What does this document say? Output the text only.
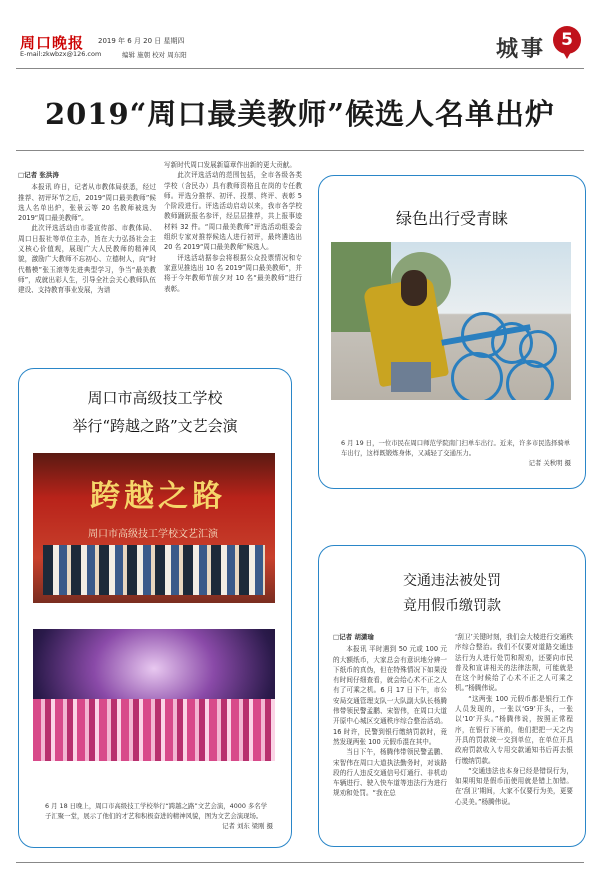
周口晚报 2019 年 6 月 20 日 星期四
E-mail:zkwbzx@126.com	编辑 施朝 校对 周东阳	城事 5
2019“周口最美教师”候选人名单出炉
□记者 张洪涛

本报讯 昨日，记者从市教体局获悉，经过推荐、初评环节之后，2019“周口最美教师”候选人名单出炉，张景云等 20 名教师被选为 2019“周口最美教师”。

此次评选活动由市委宣传部、市教体局、周口日报社等单位主办，旨在大力弘扬社会主义核心价值观，展现广大人民教师的精神风貌，激励广大教师不忘初心、立德树人，向“时代楷模”张玉滚等先进典型学习，争当“最美教师”，成就出彩人生，引导全社会关心教师队伍建设、支持教育事业发展，为谱

写新时代周口发展新篇章作出新的更大贡献。

此次评选活动的范围包括，全市各级各类学校（含民办）具有教师资格且在岗的专任教师。评选分推荐、初评、投票、终评、表彰 5 个阶段进行。评选活动启动以来，我市各学校教师踊跃报名参评，经层层推荐，共上报事迹材料 32 件。“周口最美教师”评选活动组委会组织专家对推荐候选人进行初评，最终遴选出 20 名 2019“周口最美教师”候选人。

评选活动据参会将根据公众投票情况和专家意见推选出 10 名 2019“周口最美教师”，并将于今年教师节前夕对 10 名“最美教师”进行表彰。

绿色出行受青睐
6 月 19 日，一位市民在周口师范学院南门扫单车出行。近来，许多市民选择骑单车出行，这样既锻炼身体，又减轻了交通压力。
记者 关秋明 摄
周口市高级技工学校
举行“跨越之路”文艺会演
跨越之路
周口市高级技工学校文艺汇演
6 月 18 日晚上，周口市高级技工学校举行“跨越之路”文艺会演，4000 多名学子汇聚一堂，展示了他们的才艺和积极奋进的精神风貌，图为文艺会演现场。
记者 刘东 梁刚 摄
交通违法被处罚
竟用假币缴罚款
□记者 胡潇瑜

本报讯 平时遇到 50 元或 100 元的大额纸币，大家总会有意识地分辨一下纸币的真伪，但在特殊情况下如果没有时间仔细查看，就会给心术不正之人有了可乘之机。6 月 17 日下午，市公安局交通管理支队一大队副大队长杨腾伟带领民警孟鹏、宋智伟，在周口大道开原中心城区交通秩序综合整治活动。16 时许，民警到银行缴纳罚款时，竟然发现两张 100 元假币混在其中。

当日下午，杨腾伟带领民警孟鹏、宋智伟在周口大道执法勤务时，对该路段的行人违反交通信号灯通行、非机动车辆进行、驶入快车道等违法行为进行规劝和处罚。“我在总

‘刮卫’关键时刻，我们会大棱进行交通秩序综合整治。我们不仅要对道路交通违法行为人进行处罚和规劝，还要向市民普及和宣讲相关的法律法规，可能就是在这个时候给了心术不正之人可乘之机。”杨腾伟说。

“这两张 100 元假币都是银行工作人员发现的，一张以‘G9’开头，一张以‘10’开头。”杨腾伟说，按照正常程序，在银行下班前，他们把把一天之内开具的罚款统一交到单位，在单位开具政府罚款收入专用交款通知书后再去银行缴纳罚款。

“交通违法也本身已经是错误行为，如果明知是假币而使用就是错上加错。在‘刮卫’期间，大家不仅要行为美，更要心灵美。”杨腾伟说。
